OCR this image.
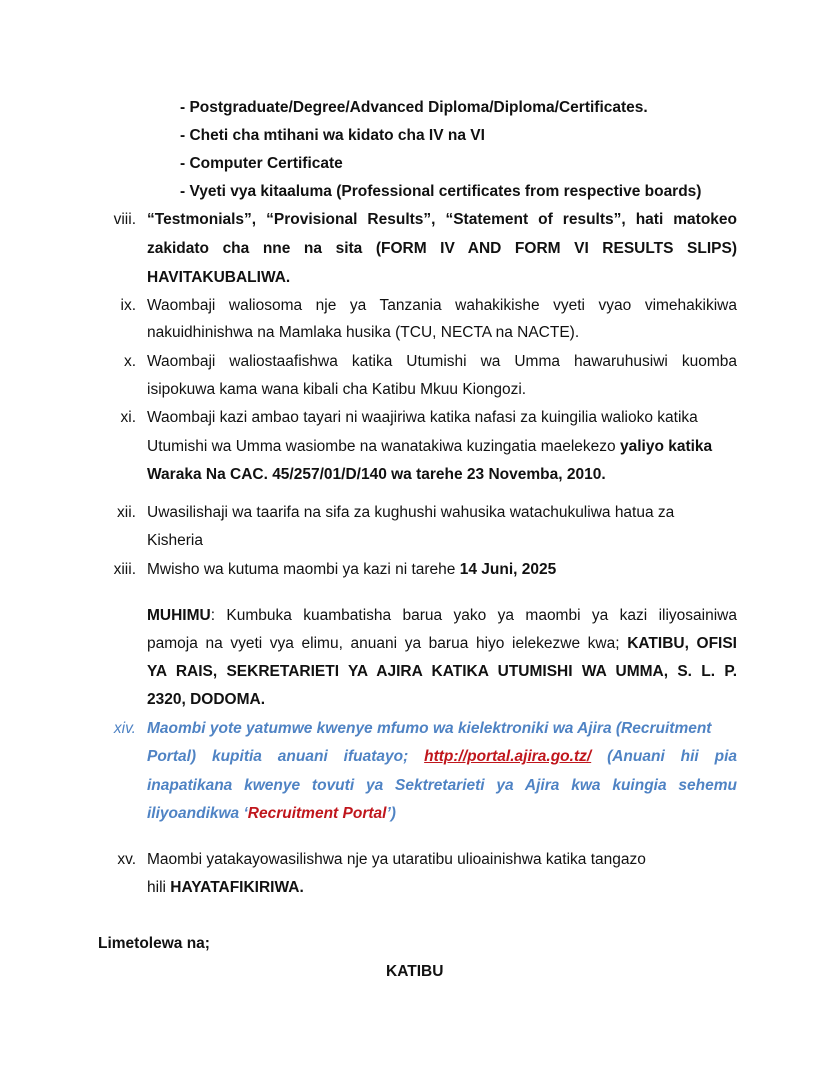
- Postgraduate/Degree/Advanced Diploma/Diploma/Certificates.
- Cheti cha mtihani wa kidato cha IV na VI
- Computer Certificate
- Vyeti vya kitaaluma (Professional certificates from respective boards)
viii. “Testmonials”, “Provisional Results”, “Statement of results”, hati matokeo
zakidato cha nne na sita (FORM IV AND FORM VI RESULTS SLIPS)
HAVITAKUBALIWA.
ix. Waombaji waliosoma nje ya Tanzania wahakikishe vyeti vyao vimehakikiwa
nakuidhinishwa na Mamlaka husika (TCU, NECTA na NACTE).
x. Waombaji waliostaafishwa katika Utumishi wa Umma hawaruhusiwi kuomba
isipokuwa kama wana kibali cha Katibu Mkuu Kiongozi.
xi. Waombaji kazi ambao tayari ni waajiriwa katika nafasi za kuingilia walioko katika
Utumishi wa Umma wasiombe na wanatakiwa kuzingatia maelekezo yaliyo katika
Waraka Na CAC. 45/257/01/D/140 wa tarehe 23 Novemba, 2010.
xii. Uwasilishaji wa taarifa na sifa za kughushi wahusika watachukuliwa hatua za
Kisheria
xiii. Mwisho wa kutuma maombi ya kazi ni tarehe 14 Juni, 2025
MUHIMU: Kumbuka kuambatisha barua yako ya maombi ya kazi iliyosainiwa
pamoja na vyeti vya elimu, anuani ya barua hiyo ielekezwe kwa; KATIBU, OFISI
YA RAIS, SEKRETARIETI YA AJIRA KATIKA UTUMISHI WA UMMA, S. L. P.
2320, DODOMA.
xiv. Maombi yote yatumwe kwenye mfumo wa kielektroniki wa Ajira (Recruitment
Portal) kupitia anuani ifuatayo; http://portal.ajira.go.tz/ (Anuani hii pia
inapatikana kwenye tovuti ya Sektretarieti ya Ajira kwa kuingia sehemu
iliyoandikwa ‘Recruitment Portal’)
xv. Maombi yatakayowasilishwa nje ya utaratibu ulioainishwa katika tangazo
hili HAYATAFIKIRIWA.
Limetolewa na;
KATIBU
